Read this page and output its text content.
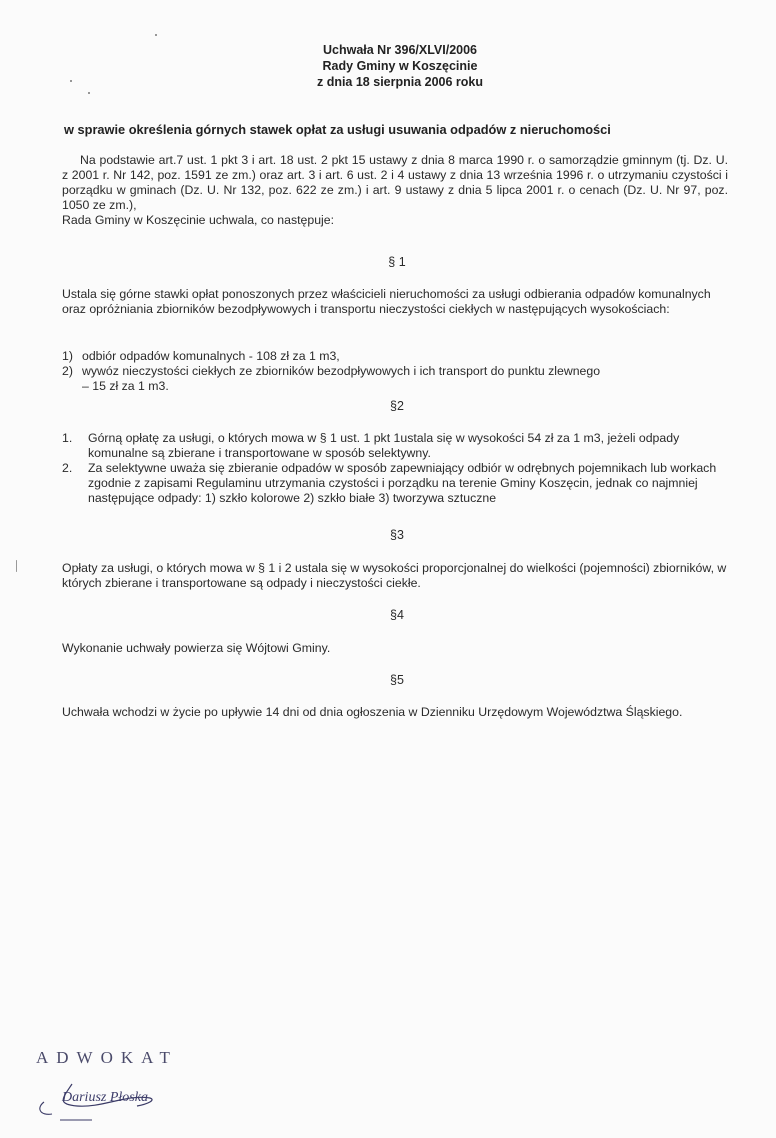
Uchwała Nr 396/XLVI/2006
Rady Gminy w Koszęcinie
z dnia 18 sierpnia 2006 roku
w sprawie określenia górnych stawek opłat za usługi usuwania odpadów z nieruchomości
Na podstawie art.7 ust. 1 pkt 3 i art. 18 ust. 2 pkt 15 ustawy z dnia 8 marca 1990 r. o samorządzie gminnym (tj. Dz. U. z 2001 r. Nr 142, poz. 1591 ze zm.) oraz art. 3 i art. 6 ust. 2 i 4 ustawy z dnia 13 września 1996 r. o utrzymaniu czystości i porządku w gminach (Dz. U. Nr 132, poz. 622 ze zm.) i art. 9 ustawy z dnia 5 lipca 2001 r. o cenach (Dz. U. Nr 97, poz. 1050 ze zm.),
Rada Gminy w Koszęcinie uchwala, co następuje:
§ 1
Ustala się górne stawki opłat ponoszonych przez właścicieli nieruchomości za usługi odbierania odpadów komunalnych oraz opróżniania zbiorników bezodpływowych i transportu nieczystości ciekłych w następujących wysokościach:
1) odbiór odpadów komunalnych - 108 zł za 1 m3,
2) wywóz nieczystości ciekłych ze zbiorników bezodpływowych i ich transport do punktu zlewnego – 15 zł za 1 m3.
§2
1.	Górną opłatę za usługi, o których mowa w § 1 ust. 1 pkt 1ustala się w wysokości 54 zł za 1 m3, jeżeli odpady komunalne są zbierane i transportowane w sposób selektywny.
2.	Za selektywne uważa się zbieranie odpadów w sposób zapewniający odbiór w odrębnych pojemnikach lub workach zgodnie z zapisami Regulaminu utrzymania czystości i porządku na terenie Gminy Koszęcin, jednak co najmniej następujące odpady: 1) szkło kolorowe 2) szkło białe 3) tworzywa sztuczne
§3
Opłaty za usługi, o których mowa w § 1 i 2 ustala się w wysokości proporcjonalnej do wielkości (pojemności) zbiorników, w których zbierane i transportowane są odpady i nieczystości ciekłe.
§4
Wykonanie uchwały powierza się Wójtowi Gminy.
§5
Uchwała wchodzi w życie po upływie 14 dni od dnia ogłoszenia w Dzienniku Urzędowym Województwa Śląskiego.
ADWOKAT
Dariusz Płoska
